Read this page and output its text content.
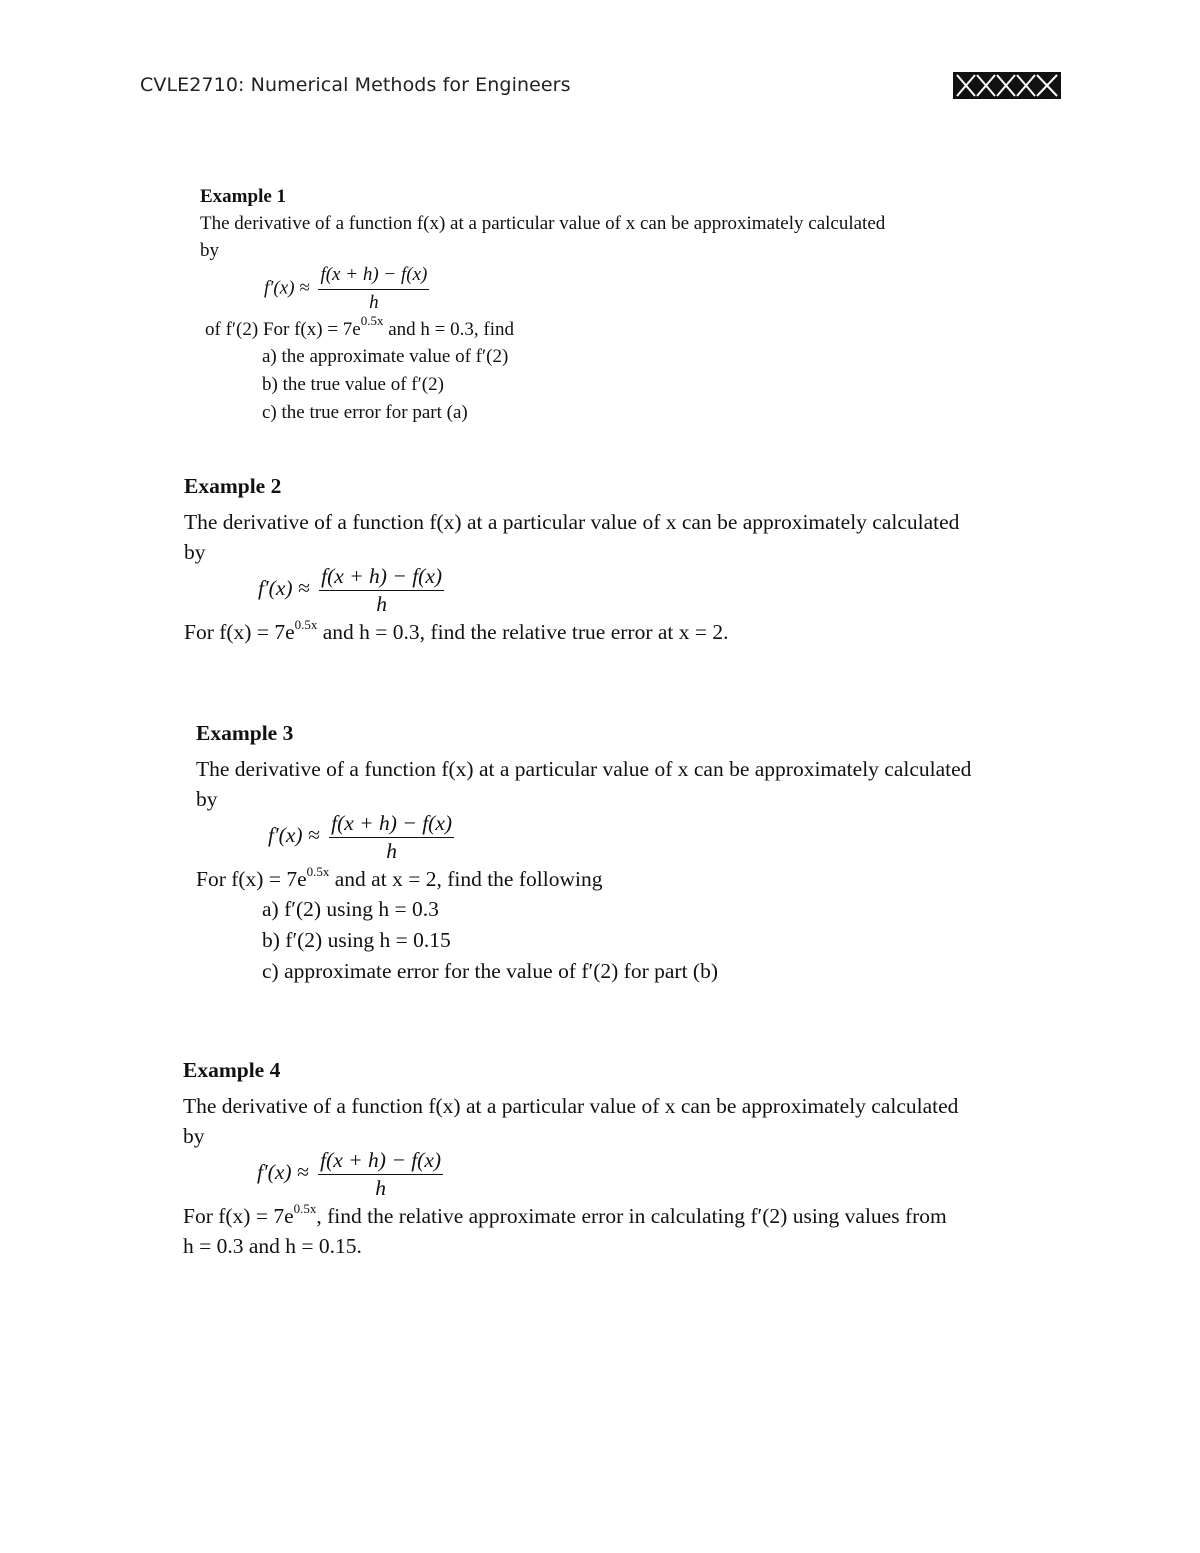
CVLE2710: Numerical Methods for Engineers
Example 1
The derivative of a function f(x) at a particular value of x can be approximately calculated
by
$f'(x) \approx \frac{f(x + h) - f(x)}{h}$
of f′(2) For $f(x) = 7e^{0.5x}$ and h = 0.3, find
a) the approximate value of f′(2)
b) the true value of f′(2)
c) the true error for part (a)
Example 2
The derivative of a function f(x) at a particular value of x can be approximately calculated
by
$f'(x) \approx \frac{f(x + h) - f(x)}{h}$
For $f(x) = 7e^{0.5x}$ and h = 0.3, find the relative true error at x = 2.
Example 3
The derivative of a function f(x) at a particular value of x can be approximately calculated
by
$f'(x) \approx \frac{f(x + h) - f(x)}{h}$
For $f(x) = 7e^{0.5x}$ and at x = 2, find the following
a) f′(2) using h = 0.3
b) f′(2) using h = 0.15
c) approximate error for the value of f′(2) for part (b)
Example 4
The derivative of a function f(x) at a particular value of x can be approximately calculated
by
$f'(x) \approx \frac{f(x + h) - f(x)}{h}$
For $f(x) = 7e^{0.5x}$, find the relative approximate error in calculating f′(2) using values from
h = 0.3 and h = 0.15.
